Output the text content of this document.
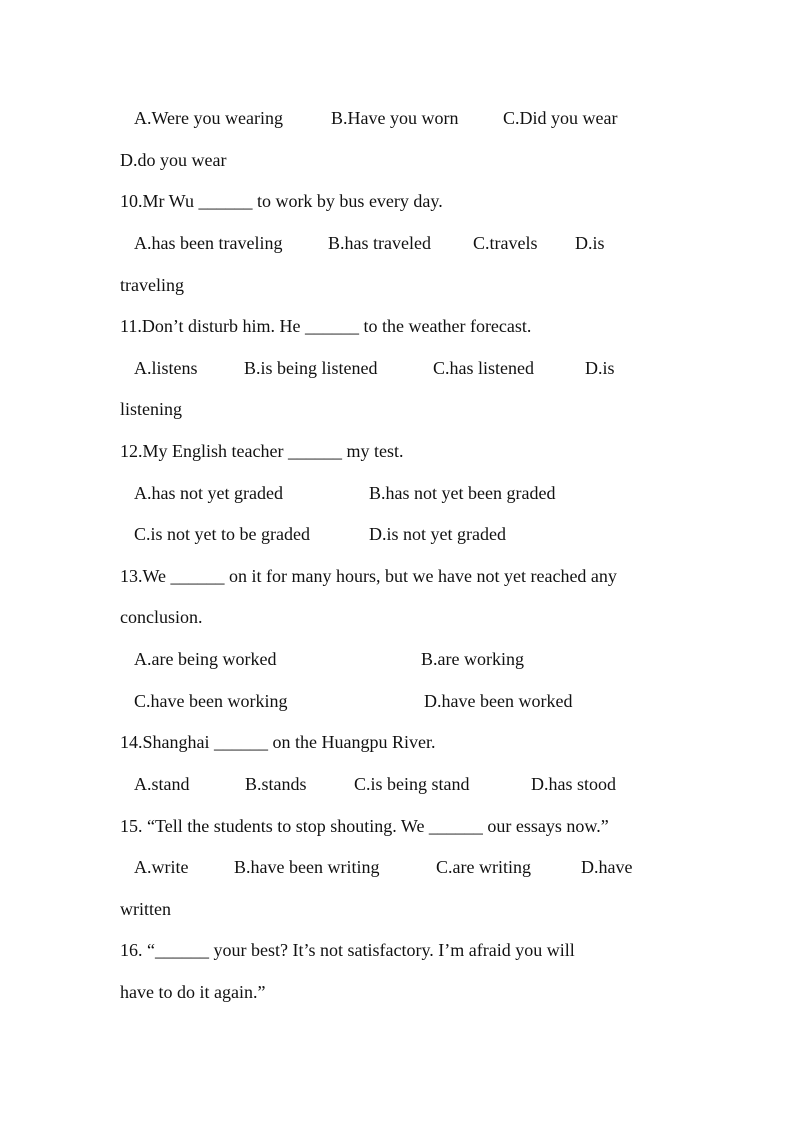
A.Were you wearing	B.Have you worn C.Did you wear
D.do you wear
10.Mr Wu ______ to work by bus every day.
A.has been traveling	B.has traveled C.travels D.is
traveling
11.Don’t disturb him. He ______ to the weather forecast.
A.listens	B.is being listened	C.has listened	D.is
listening
12.My English teacher ______ my test.
A.has not yet graded	B.has not yet been graded
C.is not yet to be graded	D.is not yet graded
13.We ______ on it for many hours, but we have not yet reached any
conclusion.
A.are being worked	B.are working
C.have been working	D.have been worked
14.Shanghai ______ on the Huangpu River.
A.stand	B.stands	C.is being stand	D.has stood
15. “Tell the students to stop shouting. We ______ our essays now.”
A.write	B.have been writing	C.are writing	D.have
written
16. “______ your best? It’s not satisfactory. I’m afraid you will
have to do it again.”
